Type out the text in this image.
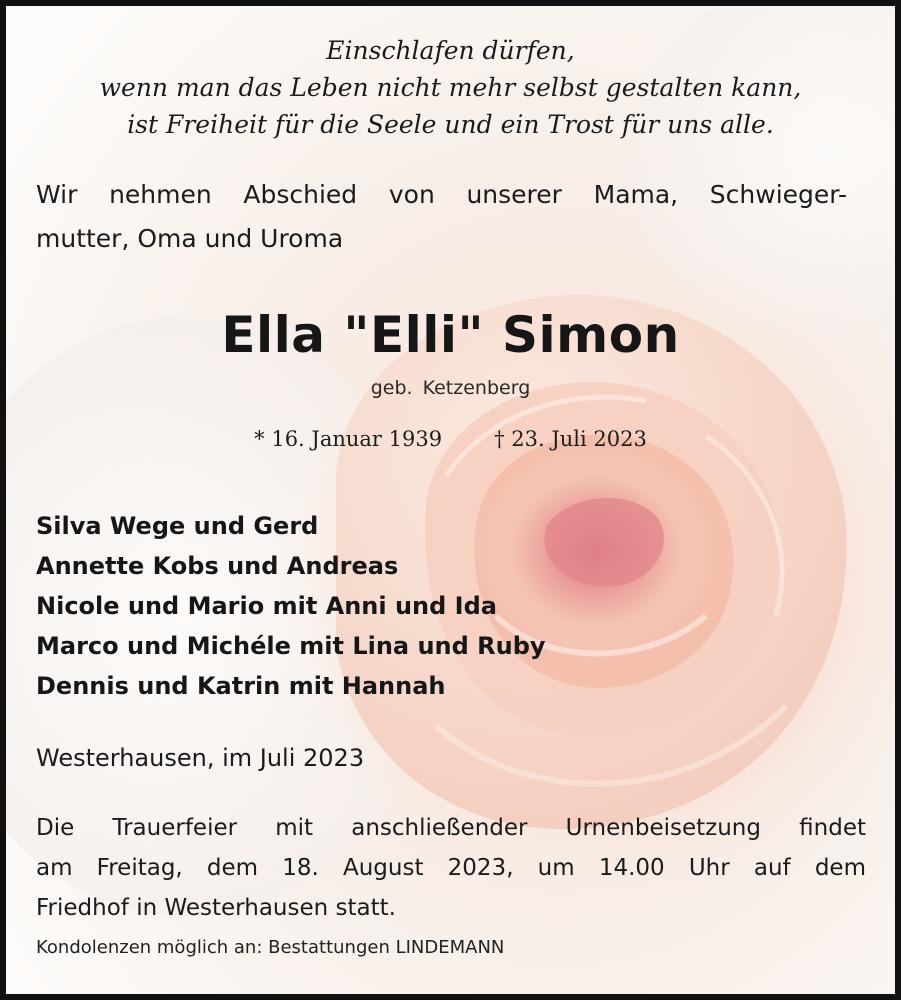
Einschlafen dürfen,
wenn man das Leben nicht mehr selbst gestalten kann,
ist Freiheit für die Seele und ein Trost für uns alle.
Wir nehmen Abschied von unserer Mama, Schwieger-
mutter, Oma und Uroma
Ella "Elli" Simon
geb. Ketzenberg
* 16. Januar 1939 † 23. Juli 2023
Silva Wege und Gerd
Annette Kobs und Andreas
Nicole und Mario mit Anni und Ida
Marco und Michéle mit Lina und Ruby
Dennis und Katrin mit Hannah
Westerhausen, im Juli 2023
Die Trauerfeier mit anschließender Urnenbeisetzung findet
am Freitag, dem 18. August 2023, um 14.00 Uhr auf dem
Friedhof in Westerhausen statt.
Kondolenzen möglich an: Bestattungen LINDEMANN
